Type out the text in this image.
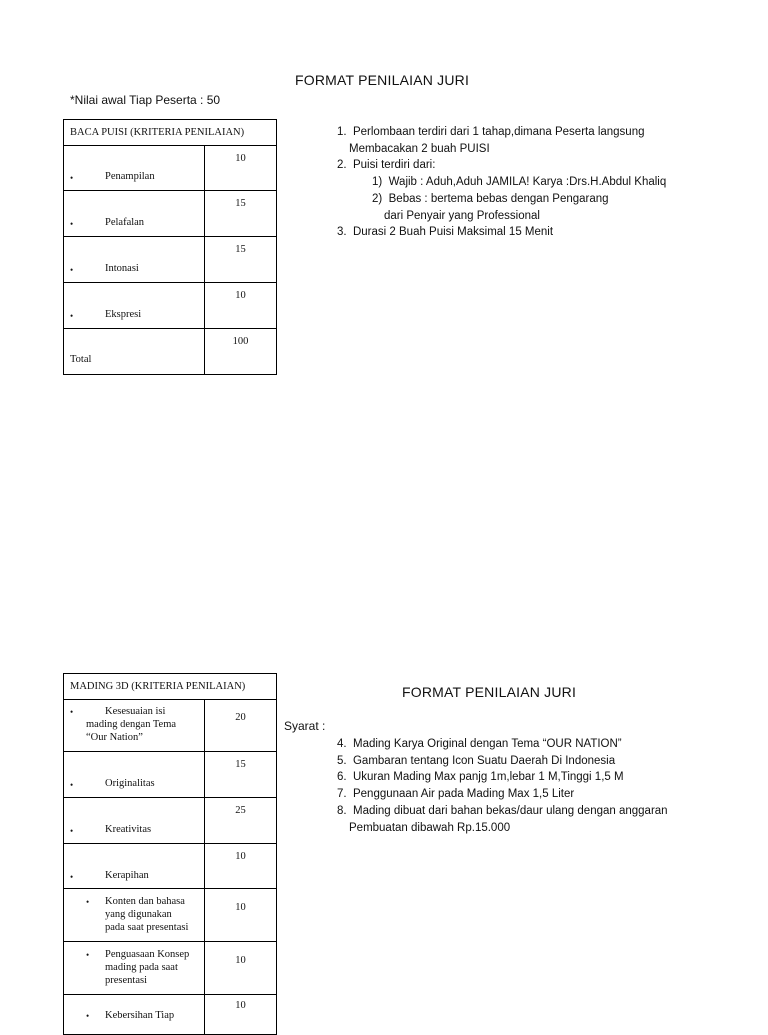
FORMAT PENILAIAN JURI
*Nilai awal Tiap Peserta : 50
BACA PUISI (KRITERIA PENILAIAN)	

• Penampilan	10

• Pelafalan	15

• Intonasi	15

• Ekspresi	10

Total	100
1. Perlombaan terdiri dari 1 tahap,dimana Peserta langsung
Membacakan 2 buah PUISI
2. Puisi terdiri dari:
1) Wajib : Aduh,Aduh JAMILA! Karya :Drs.H.Abdul Khaliq
2) Bebas : bertema bebas dengan Pengarang
dari Penyair yang Professional
3. Durasi 2 Buah Puisi Maksimal 15 Menit
FORMAT PENILAIAN JURI
Syarat :
MADING 3D (KRITERIA PENILAIAN)	

• Kesesuaian isi
mading dengan Tema
“Our Nation”	20

• Originalitas	15

• Kreativitas	25

• Kerapihan	10

• Konten dan bahasa
yang digunakan
pada saat presentasi	10

• Penguasaan Konsep
mading pada saat
presentasi	10

• Kebersihan Tiap	10
4. Mading Karya Original dengan Tema “OUR NATION”
5. Gambaran tentang Icon Suatu Daerah Di Indonesia
6. Ukuran Mading Max panjg 1m,lebar 1 M,Tinggi 1,5 M
7. Penggunaan Air pada Mading Max 1,5 Liter
8. Mading dibuat dari bahan bekas/daur ulang dengan anggaran
Pembuatan dibawah Rp.15.000
